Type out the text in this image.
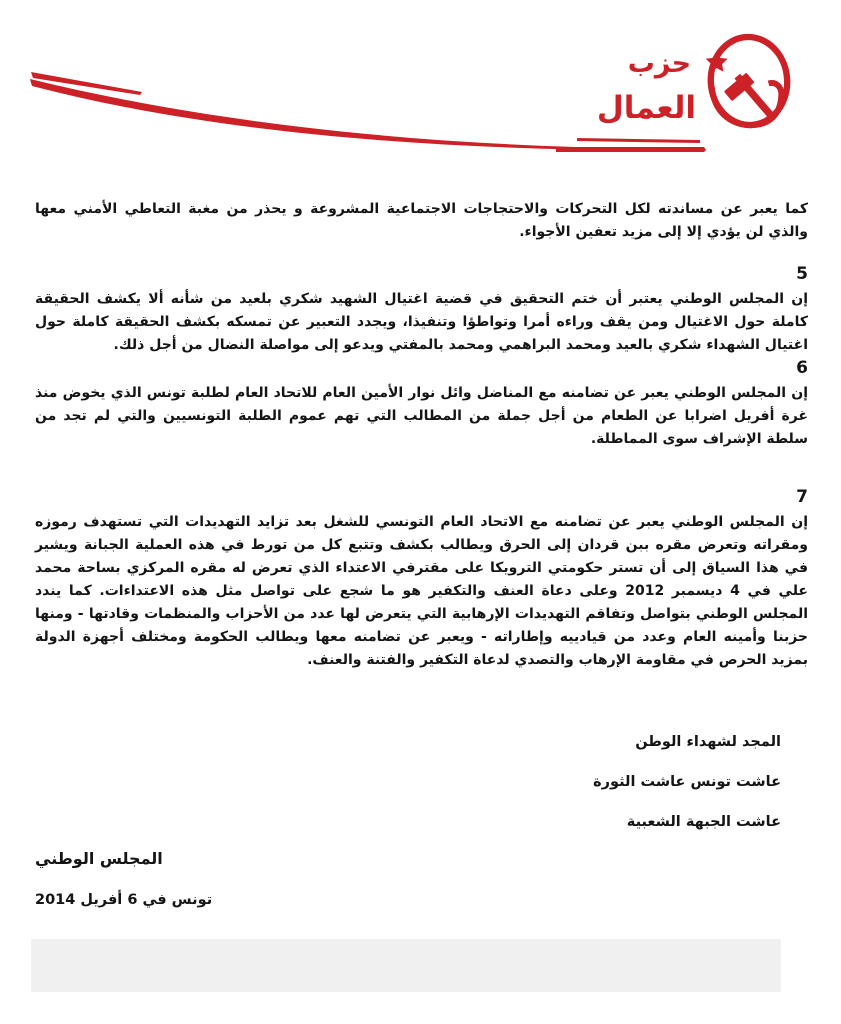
حزب
العمال

كما يعبر عن مساندته لكل التحركات والاحتجاجات الاجتماعية المشروعة و يحذر من مغبة التعاطي الأمني معها والذي لن يؤدي إلا إلى مزيد تعفين الأجواء.

5

إن المجلس الوطني يعتبر أن ختم التحقيق في قضية اغتيال الشهيد شكري بلعيد من شأنه ألا يكشف الحقيقة كاملة حول الاغتيال ومن يقف وراءه أمرا وتواطؤا وتنفيذا، ويجدد التعبير عن تمسكه بكشف الحقيقة كاملة حول اغتيال الشهداء شكري بالعيد ومحمد البراهمي ومحمد بالمفتي ويدعو إلى مواصلة النضال من أجل ذلك.

6

إن المجلس الوطني يعبر عن تضامنه مع المناضل وائل نوار الأمين العام للاتحاد العام لطلبة تونس الذي يخوض منذ غرة أفريل اضرابا عن الطعام من أجل جملة من المطالب التي تهم عموم الطلبة التونسيين والتي لم تجد من سلطة الإشراف سوى المماطلة.

7

إن المجلس الوطني يعبر عن تضامنه مع الاتحاد العام التونسي للشغل بعد تزايد التهديدات التي تستهدف رموزه ومقراته وتعرض مقره ببن قردان إلى الحرق ويطالب بكشف وتتبع كل من تورط في هذه العملية الجبانة ويشير في هذا السياق إلى أن تستر حكومتي الترويكا على مقترفي الاعتداء الذي تعرض له مقره المركزي بساحة محمد علي في 4 ديسمبر 2012 وعلى دعاة العنف والتكفير هو ما شجع على تواصل مثل هذه الاعتداءات. كما يندد المجلس الوطني بتواصل وتفاقم التهديدات الإرهابية التي يتعرض لها عدد من الأحزاب والمنظمات وقادتها - ومنها حزبنا وأمينه العام وعدد من قيادييه وإطاراته - ويعبر عن تضامنه معها ويطالب الحكومة ومختلف أجهزة الدولة بمزيد الحرص في مقاومة الإرهاب والتصدي لدعاة التكفير والفتنة والعنف.

المجد لشهداء الوطن
عاشت تونس عاشت الثورة
عاشت الجبهة الشعبية
المجلس الوطني
تونس في 6 أفريل 2014
